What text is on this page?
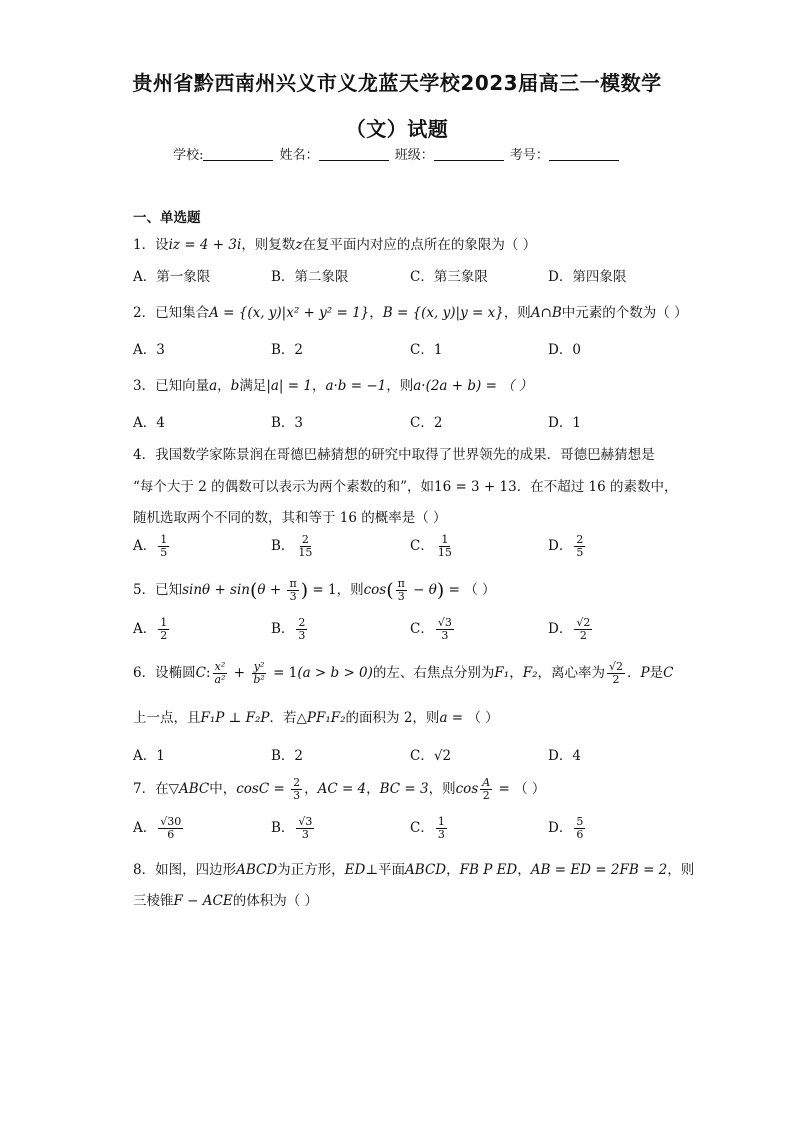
贵州省黔西南州兴义市义龙蓝天学校2023届高三一模数学
（文）试题
学校:	姓名：	班级：	考号：
一、单选题
1．设iz = 4 + 3i，则复数z在复平面内对应的点所在的象限为（ ）
A．第一象限	B．第二象限	C．第三象限	D．第四象限
2．已知集合A = {(x, y)|x² + y² = 1}，B = {(x, y)|y = x}，则A∩B中元素的个数为（ ）
A．3	B．2	C．1	D．0
3．已知向量a，b满足|a| = 1，a·b = −1，则a·(2a + b) = （ ）
A．4	B．3	C．2	D．1
4．我国数学家陈景润在哥德巴赫猜想的研究中取得了世界领先的成果．哥德巴赫猜想是
“每个大于 2 的偶数可以表示为两个素数的和”，如16 = 3 + 13．在不超过 16 的素数中，
随机选取两个不同的数，其和等于 16 的概率是（ ）
A． $\frac{1}{5}$	B． $\frac{2}{15}$	C． $\frac{1}{15}$	D． $\frac{2}{5}$
5．已知$\sin\theta + \sin(\theta + \frac{\pi}{3}$ ) = 1，则$\cos( \frac{\pi}{3} - \theta)$ = （ ）
A． $\frac{1}{2}$	B． $\frac{2}{3}$	C． $\frac{√3}{3}$	D． $\frac{√2}{2}$
6．设椭圆C: $\frac{\text{x²}}{\text{a²}} + \frac{\text{y²}}{\text{b²}} = 1(a > b > 0)$的左、右焦点分别为F₁，F₂，离心率为 $\frac{√2}{2}$ ．P是C
上一点，且F₁P ⊥ F₂P．若△PF₁F₂的面积为 2，则a = （ ）
A．1	B．2	C．√2	D．4
7．在▽ABC中，$\cos C = \frac{2}{3}$ ，AC = 4，BC = 3，则$\cos \frac{A}{2}$ = （ ）
A． $\frac{√30}{6}$	B． $\frac{√3}{3}$	C． $\frac{1}{3}$	D． $\frac{5}{6}$
8．如图，四边形ABCD为正方形，ED⊥平面ABCD，FB P ED，AB = ED = 2FB = 2，则
三棱锥F − ACE的体积为（ ）
